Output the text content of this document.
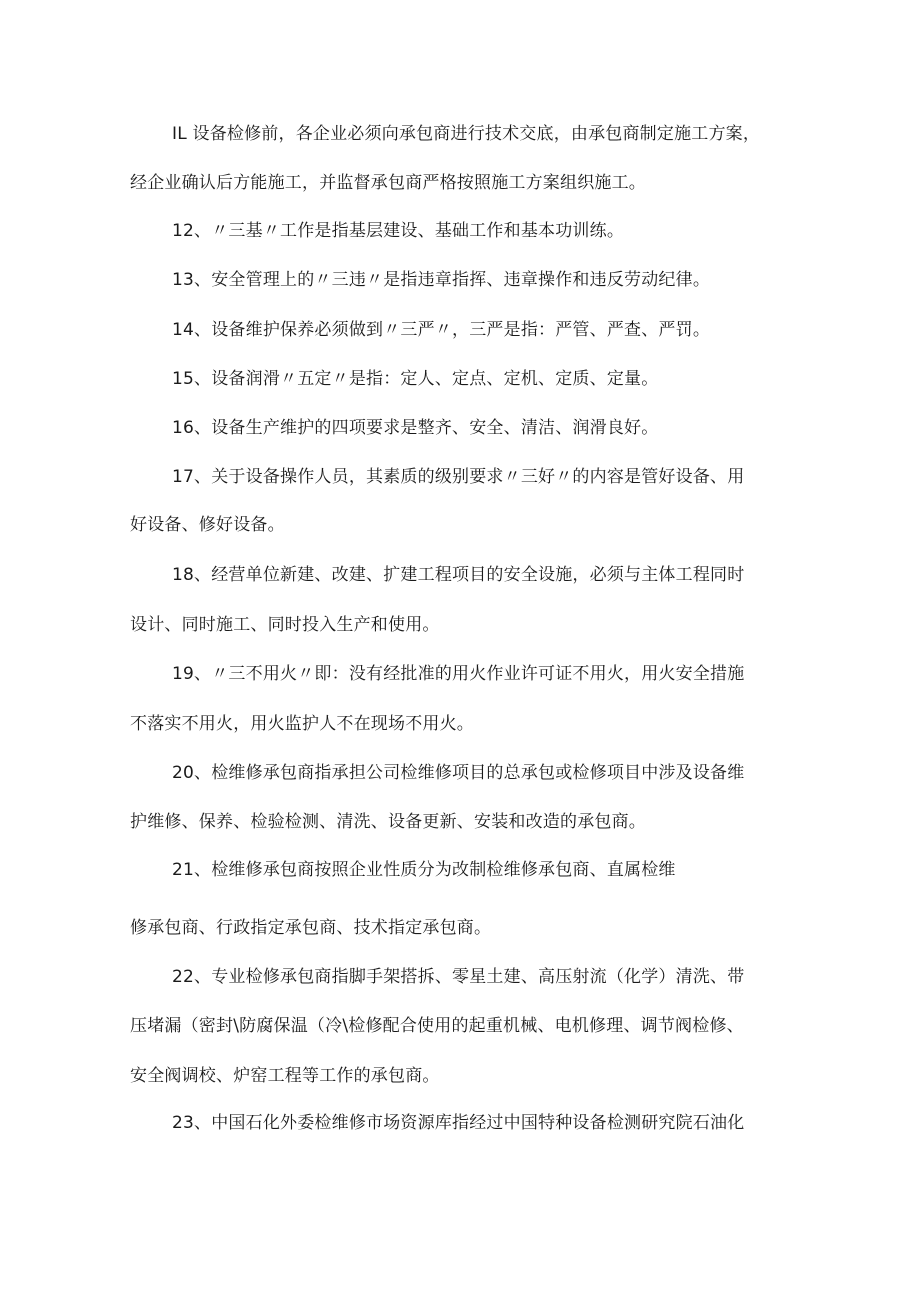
IL 设备检修前，各企业必须向承包商进行技术交底，由承包商制定施工方案，
经企业确认后方能施工，并监督承包商严格按照施工方案组织施工。
12、〃三基〃工作是指基层建设、基础工作和基本功训练。
13、安全管理上的〃三违〃是指违章指挥、违章操作和违反劳动纪律。
14、设备维护保养必须做到〃三严〃，三严是指：严管、严查、严罚。
15、设备润滑〃五定〃是指：定人、定点、定机、定质、定量。
16、设备生产维护的四项要求是整齐、安全、清洁、润滑良好。
17、关于设备操作人员，其素质的级别要求〃三好〃的内容是管好设备、用
好设备、修好设备。
18、经营单位新建、改建、扩建工程项目的安全设施，必须与主体工程同时
设计、同时施工、同时投入生产和使用。
19、〃三不用火〃即：没有经批准的用火作业许可证不用火，用火安全措施
不落实不用火，用火监护人不在现场不用火。
20、检维修承包商指承担公司检维修项目的总承包或检修项目中涉及设备维
护维修、保养、检验检测、清洗、设备更新、安装和改造的承包商。
21、检维修承包商按照企业性质分为改制检维修承包商、直属检维
修承包商、行政指定承包商、技术指定承包商。
22、专业检修承包商指脚手架搭拆、零星土建、高压射流（化学）清洗、带
压堵漏（密封\防腐保温（冷\检修配合使用的起重机械、电机修理、调节阀检修、
安全阀调校、炉窑工程等工作的承包商。
23、中国石化外委检维修市场资源库指经过中国特种设备检测研究院石油化
